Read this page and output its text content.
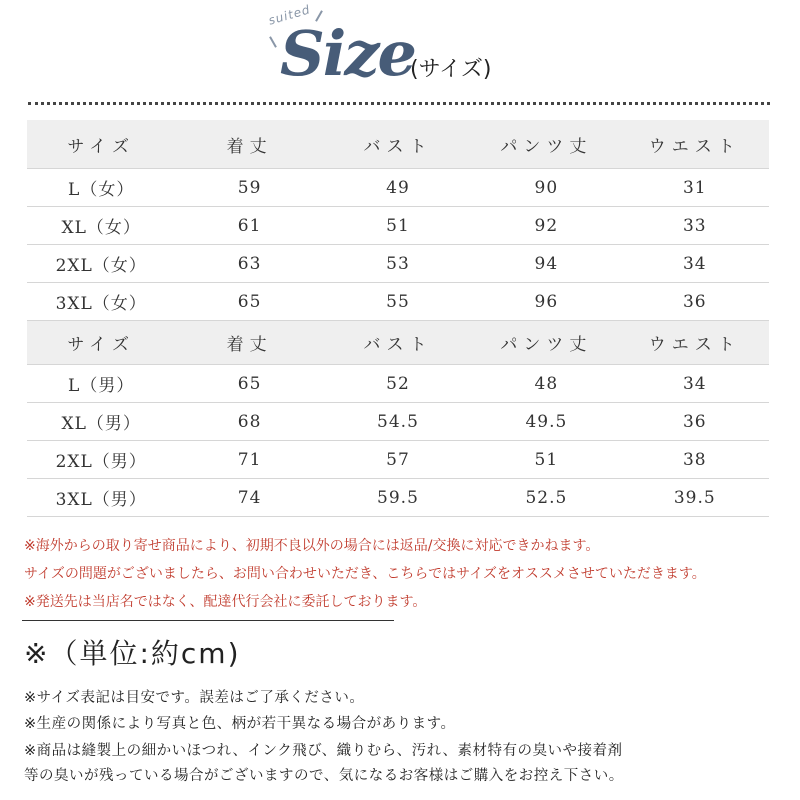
suited
Size
(サイズ)
サイズ	着丈	バスト	パンツ丈	ウエスト
L（女）	59	49	90	31
XL（女）	61	51	92	33
2XL（女）	63	53	94	34
3XL（女）	65	55	96	36
サイズ	着丈	バスト	パンツ丈	ウエスト
L（男）	65	52	48	34
XL（男）	68	54.5	49.5	36
2XL（男）	71	57	51	38
3XL（男）	74	59.5	52.5	39.5
※海外からの取り寄せ商品により、初期不良以外の場合には返品/交換に対応できかねます。
サイズの問題がございましたら、お問い合わせいただき、こちらではサイズをオススメさせていただきます。
※発送先は当店名ではなく、配達代行会社に委託しております。
※（単位:約cm)
※サイズ表記は目安です。誤差はご了承ください。
※生産の関係により写真と色、柄が若干異なる場合があります。
※商品は縫製上の細かいほつれ、インク飛び、織りむら、汚れ、素材特有の臭いや接着剤
等の臭いが残っている場合がございますので、気になるお客様はご購入をお控え下さい。
